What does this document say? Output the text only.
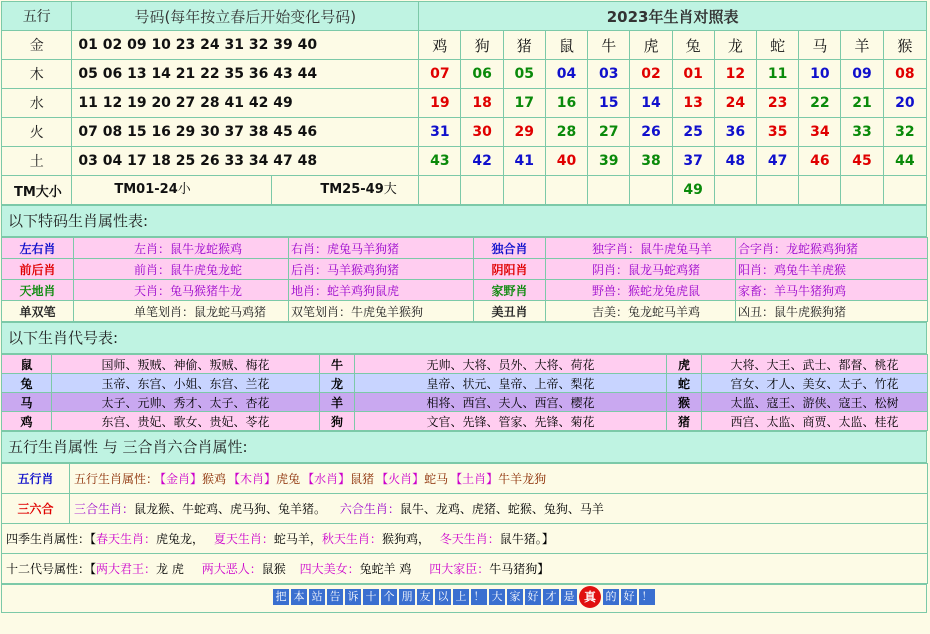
五行	号码(每年按立春后开始变化号码)	2023年生肖对照表											
金	01 02 09 10 23 24 31 32 39 40	鸡	狗	猪	鼠	牛	虎	兔	龙	蛇	马	羊	猴
木	05 06 13 14 21 22 35 36 43 44	07	06	05	04	03	02	01	12	11	10	09	08
水	11 12 19 20 27 28 41 42 49	19	18	17	16	15	14	13	24	23	22	21	20
火	07 08 15 16 29 30 37 38 45 46	31	30	29	28	27	26	25	36	35	34	33	32
土	03 04 17 18 25 26 33 34 47 48	43	42	41	40	39	38	37	48	47	46	45	44
TM大小	TM01-24小 TM25-49大							49					
以下特码生肖属性表:
左右肖	左肖：鼠牛龙蛇猴鸡	右肖：虎兔马羊狗猪	独合肖	独字肖：鼠牛虎兔马羊	合字肖：龙蛇猴鸡狗猪
前后肖	前肖：鼠牛虎兔龙蛇	后肖：马羊猴鸡狗猪	阴阳肖	阴肖：鼠龙马蛇鸡猪	阳肖：鸡兔牛羊虎猴
天地肖	天肖：兔马猴猪牛龙	地肖：蛇羊鸡狗鼠虎	家野肖	野兽：猴蛇龙兔虎鼠	家畜：羊马牛猪狗鸡
单双笔	单笔划肖：鼠龙蛇马鸡猪	双笔划肖：牛虎兔羊猴狗	美丑肖	吉美：兔龙蛇马羊鸡	凶丑：鼠牛虎猴狗猪
以下生肖代号表:
鼠	国师、叛贼、神偷、叛贼、梅花	牛	无帅、大将、员外、大将、荷花	虎	大将、大王、武士、都督、桃花
兔	玉帝、东宫、小姐、东宫、兰花	龙	皇帝、状元、皇帝、上帝、梨花	蛇	宫女、才人、美女、太子、竹花
马	太子、元帅、秀才、太子、杏花	羊	相将、西宫、夫人、西宫、樱花	猴	太监、寇王、游侠、寇王、松树
鸡	东宫、贵妃、歌女、贵妃、苓花	狗	文官、先锋、管家、先锋、菊花	猪	西宫、太监、商贾、太监、桂花
五行生肖属性 与 三合肖六合肖属性:
五行肖	五行生肖属性： 【金肖】猴鸡 【木肖】虎兔 【水肖】鼠猪 【火肖】蛇马 【土肖】牛羊龙狗
三六合	三合生肖：鼠龙猴、牛蛇鸡、虎马狗、兔羊猪。 六合生肖：鼠牛、龙鸡、虎猪、蛇猴、兔狗、马羊
四季生肖属性：【春天生肖：虎兔龙， 夏天生肖：蛇马羊，秋天生肖：猴狗鸡， 冬天生肖：鼠牛猪。】	
十二代号属性：【两大君王：龙 虎 两大恶人：鼠猴 四大美女：兔蛇羊 鸡 四大家臣：牛马猪狗】	
把 本 站 告 诉 十 个 朋 友 以 上 ！ 大 家 好 才 是 真 的 好 ！
